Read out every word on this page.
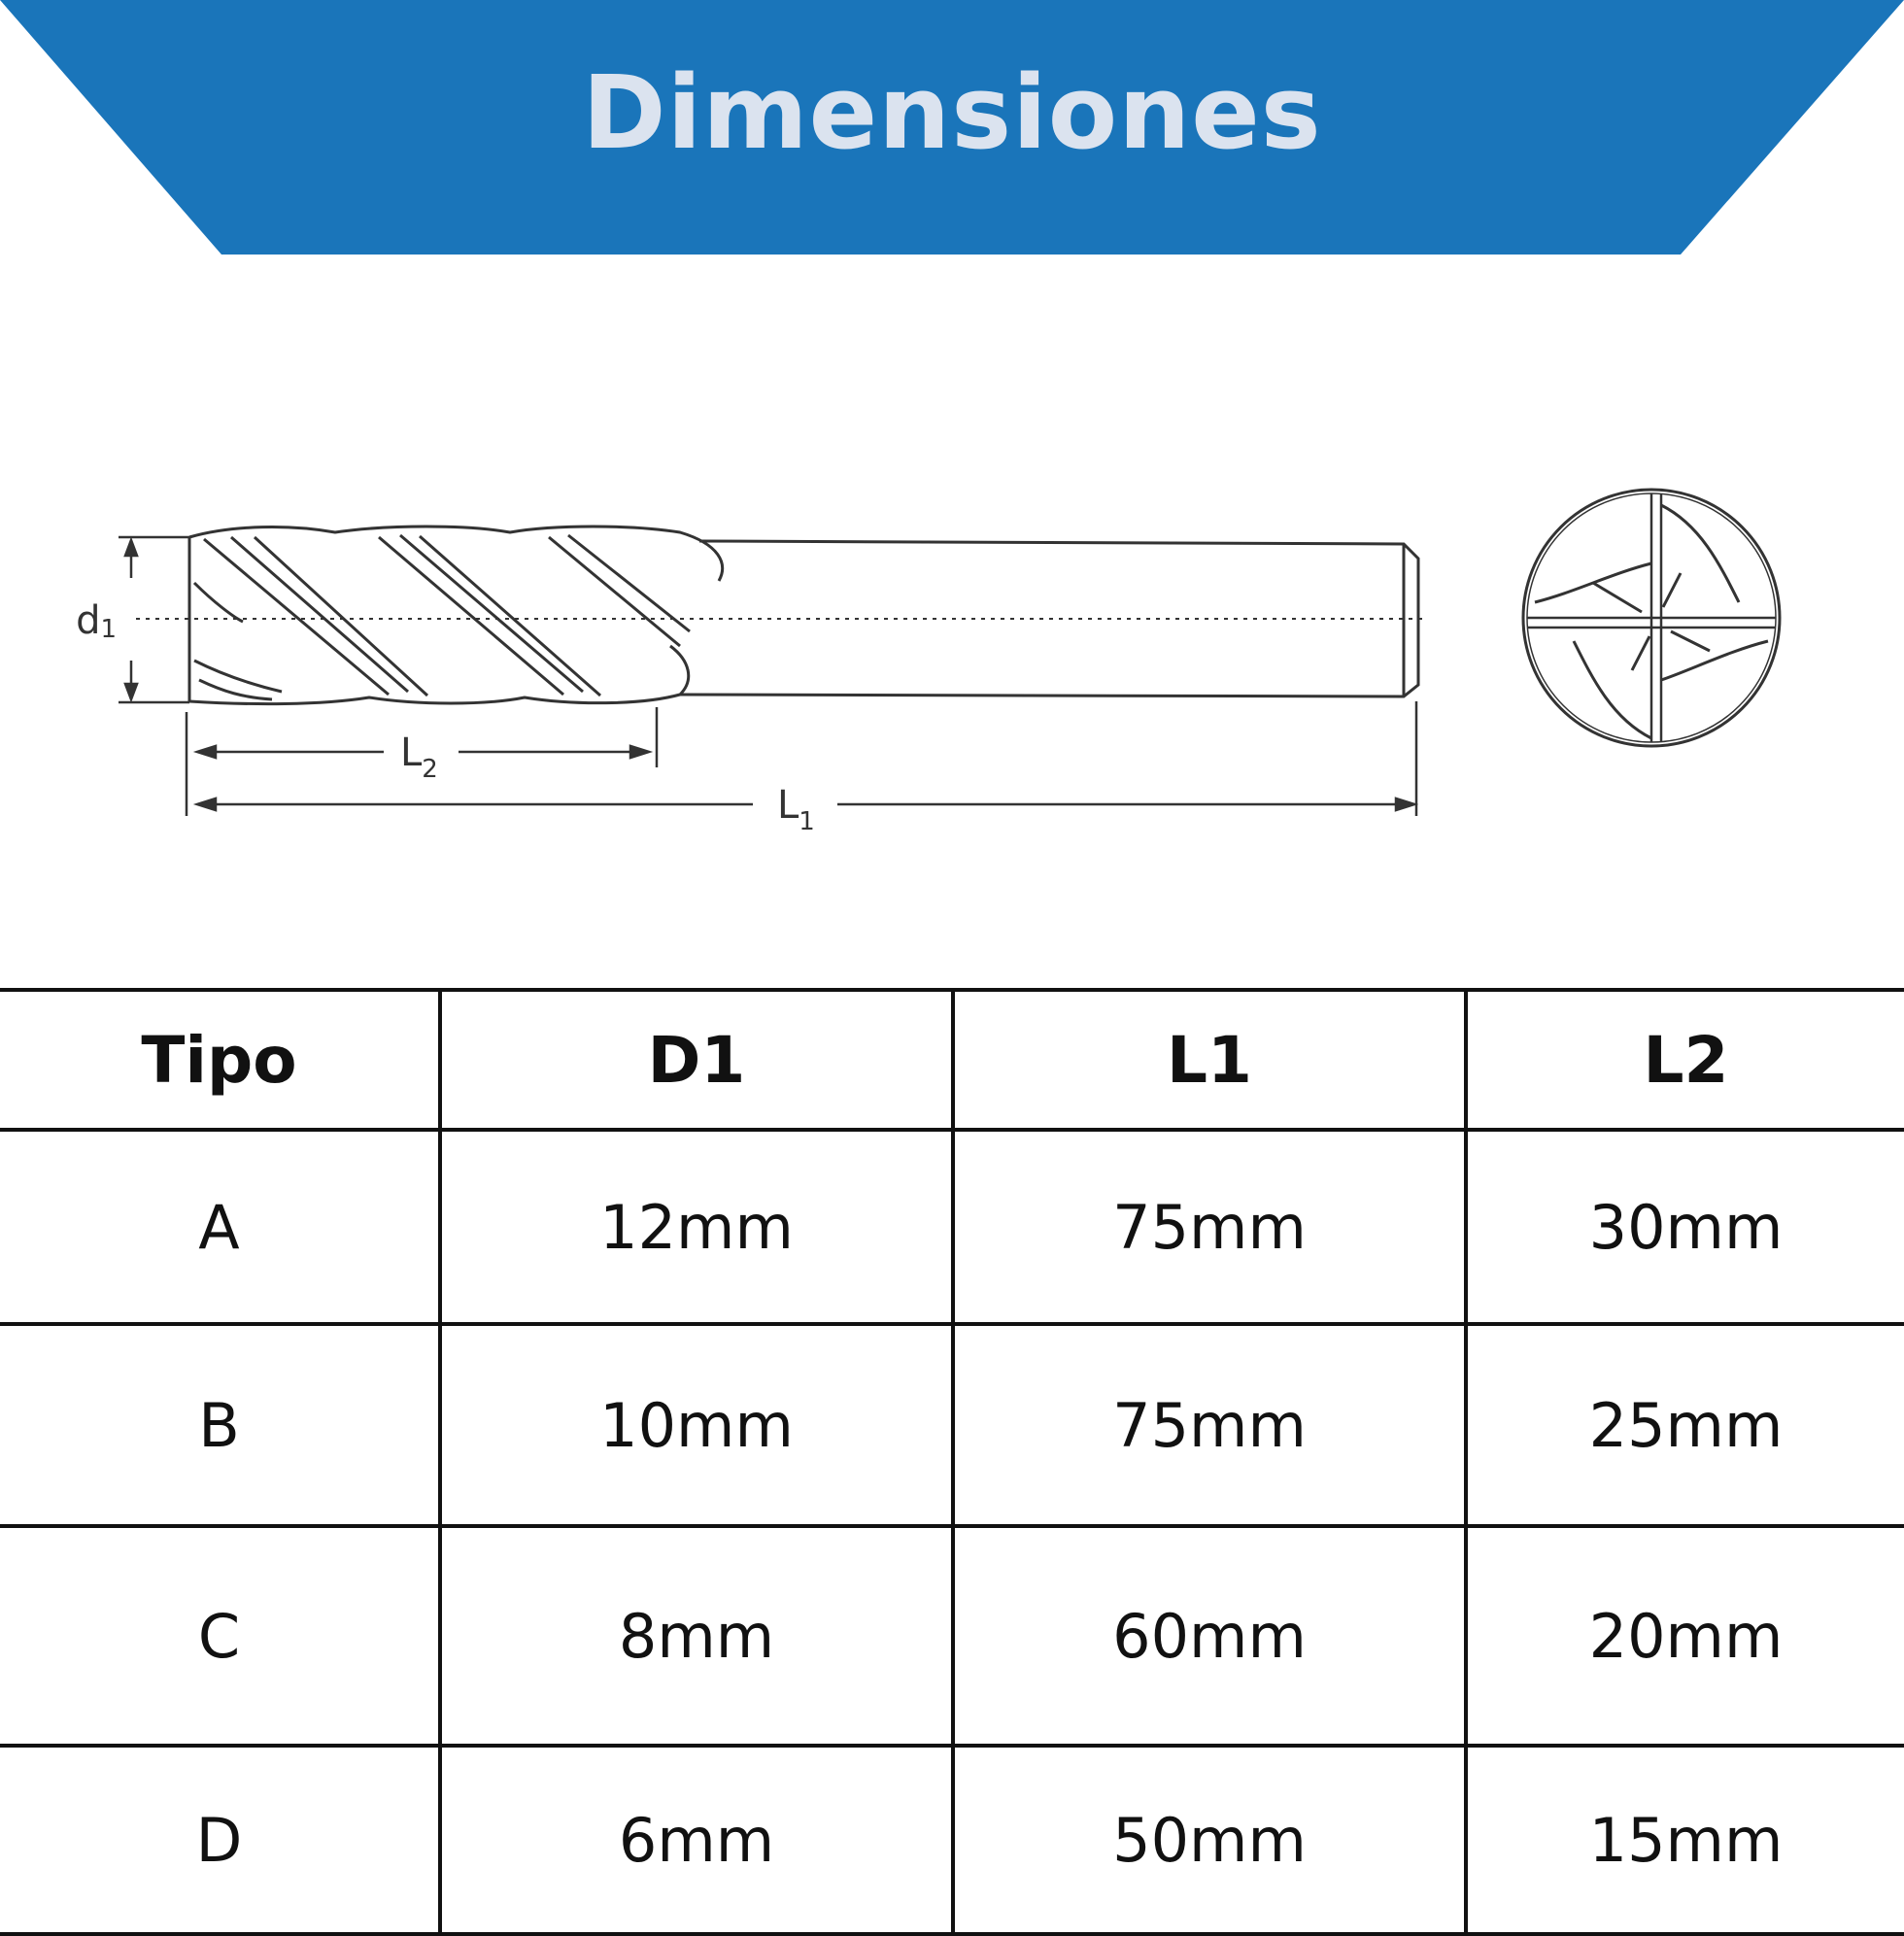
Dimensiones
d1
$L_2$
$L_1$
Tipo	D1	L1	L2
A	12mm	75mm	30mm
B	10mm	75mm	25mm
C	8mm	60mm	20mm
D	6mm	50mm	15mm
